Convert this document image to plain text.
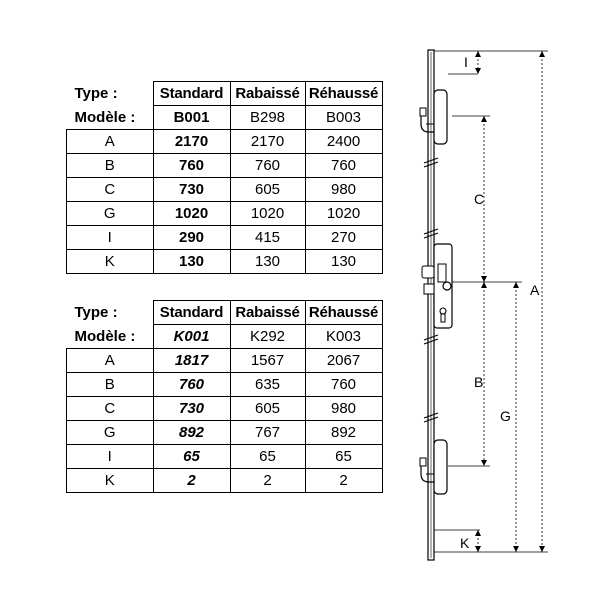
Type :	Standard	Rabaissé	Réhaussé
Modèle :	B001	B298	B003
A	2170	2170	2400
B	760	760	760
C	730	605	980
G	1020	1020	1020
I	290	415	270
K	130	130	130
Type :	Standard	Rabaissé	Réhaussé
Modèle :	K001	K292	K003
A	1817	1567	2067
B	760	635	760
C	730	605	980
G	892	767	892
I	65	65	65
K	2	2	2
I
C
A
B
G
K
